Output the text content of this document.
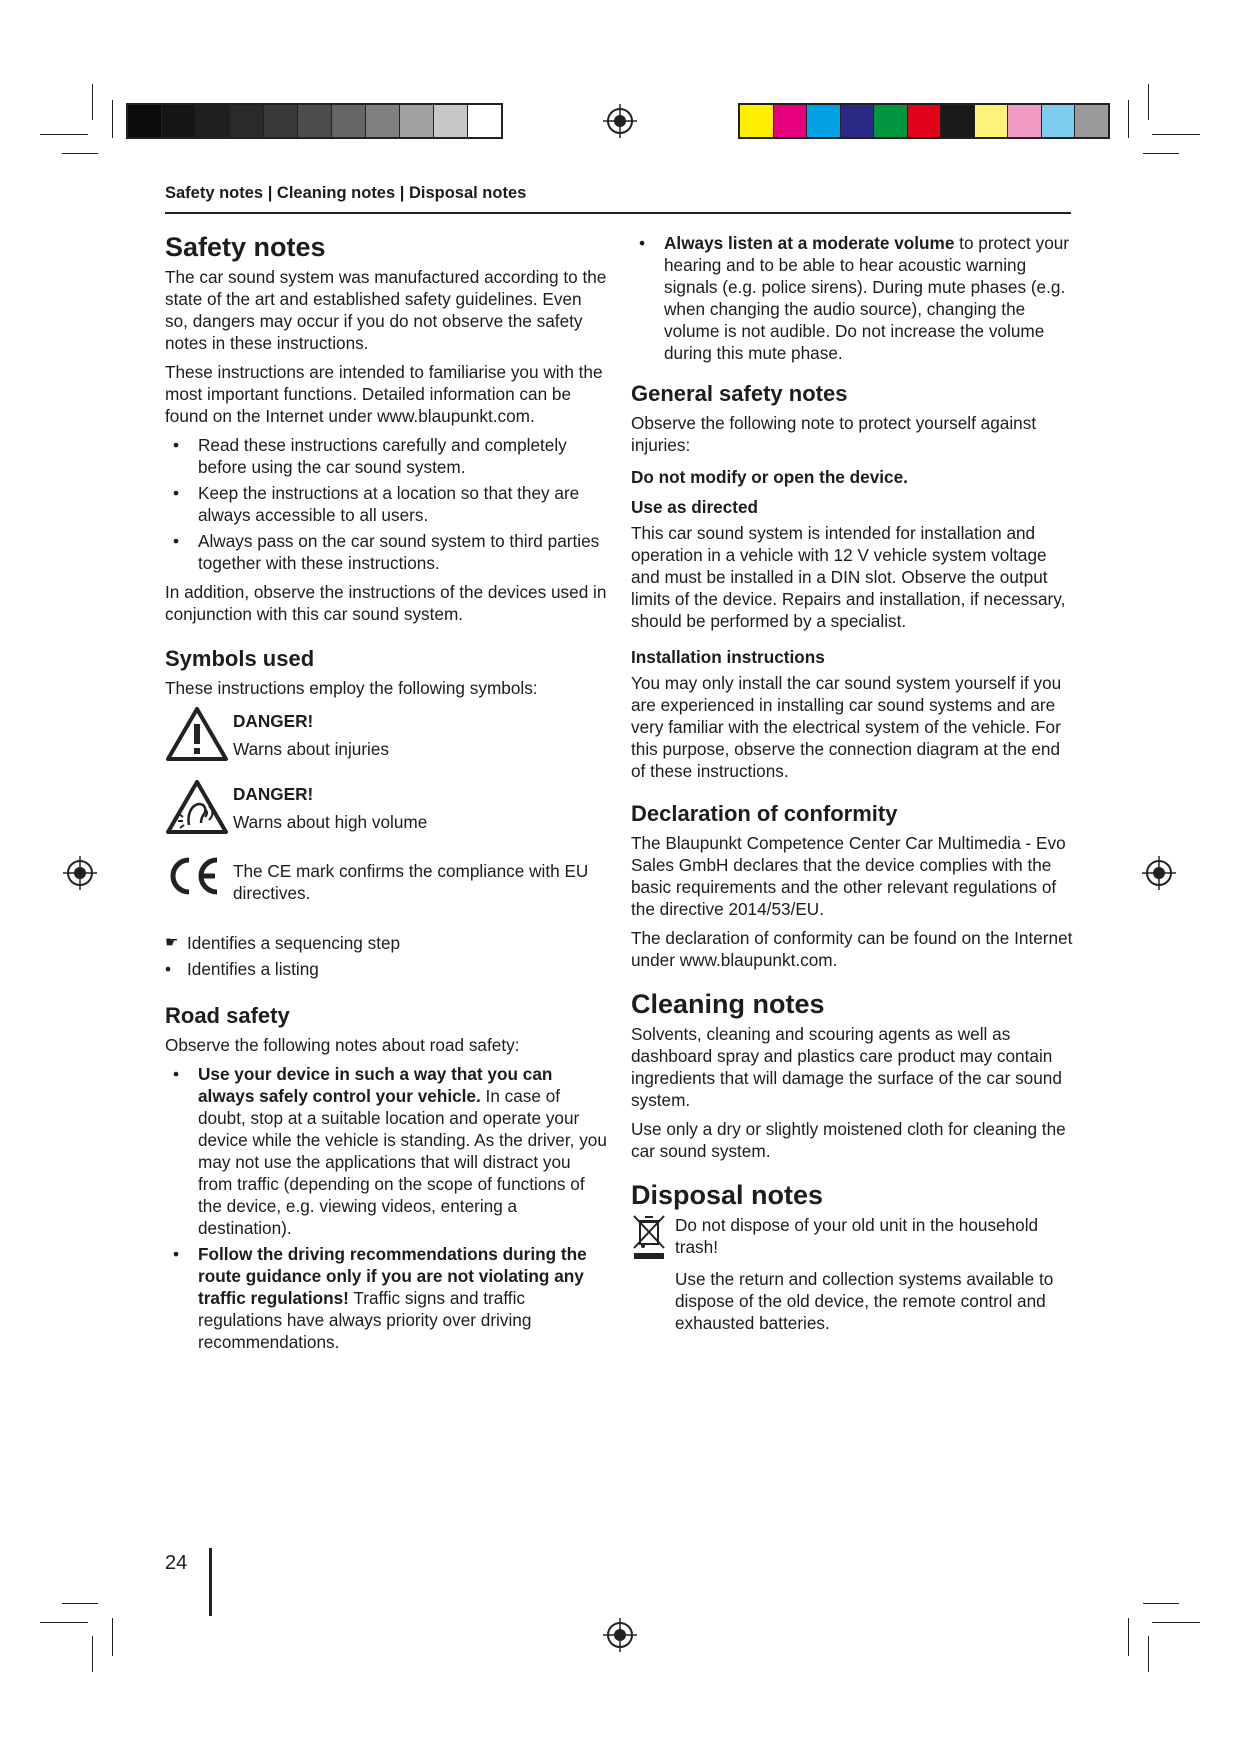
Safety notes | Cleaning notes | Disposal notes
Safety notes

The car sound system was manufactured according to the state of the art and established safety guidelines. Even so, dangers may occur if you do not observe the safety notes in these instructions.

These instructions are intended to familiarise you with the most important functions. Detailed information can be found on the Internet under www.blaupunkt.com.

• Read these instructions carefully and completely before using the car sound system.
• Keep the instructions at a location so that they are always accessible to all users.
• Always pass on the car sound system to third parties together with these instructions.

In addition, observe the instructions of the devices used in conjunction with this car sound system.

Symbols used

These instructions employ the following symbols:

DANGER!
Warns about injuries
DANGER!
Warns about high volume
The CE mark confirms the compliance with EU directives.
☛ Identifies a sequencing step
• Identifies a listing
Road safety

Observe the following notes about road safety:

• Use your device in such a way that you can always safely control your vehicle. In case of doubt, stop at a suitable location and operate your device while the vehicle is standing. As the driver, you may not use the applications that will distract you from traffic (depending on the scope of functions of the device, e.g. viewing videos, entering a destination).
• Follow the driving recommendations during the route guidance only if you are not violating any traffic regulations! Traffic signs and traffic regulations have always priority over driving recommendations.
• Always listen at a moderate volume to protect your hearing and to be able to hear acoustic warning signals (e.g. police sirens). During mute phases (e.g. when changing the audio source), changing the volume is not audible. Do not increase the volume during this mute phase.
General safety notes

Observe the following note to protect yourself against injuries:

Do not modify or open the device.
Use as directed

This car sound system is intended for installation and operation in a vehicle with 12 V vehicle system voltage and must be installed in a DIN slot. Observe the output limits of the device. Repairs and installation, if necessary, should be performed by a specialist.

Installation instructions

You may only install the car sound system yourself if you are experienced in installing car sound systems and are very familiar with the electrical system of the vehicle. For this purpose, observe the connection diagram at the end of these instructions.

Declaration of conformity

The Blaupunkt Competence Center Car Multimedia - Evo Sales GmbH declares that the device complies with the basic requirements and the other relevant regulations of the directive 2014/53/EU.

The declaration of conformity can be found on the Internet under www.blaupunkt.com.

Cleaning notes

Solvents, cleaning and scouring agents as well as dashboard spray and plastics care product may contain ingredients that will damage the surface of the car sound system.

Use only a dry or slightly moistened cloth for cleaning the car sound system.

Disposal notes

Do not dispose of your old unit in the household trash!

Use the return and collection systems available to dispose of the old device, the remote control and exhausted batteries.

24
